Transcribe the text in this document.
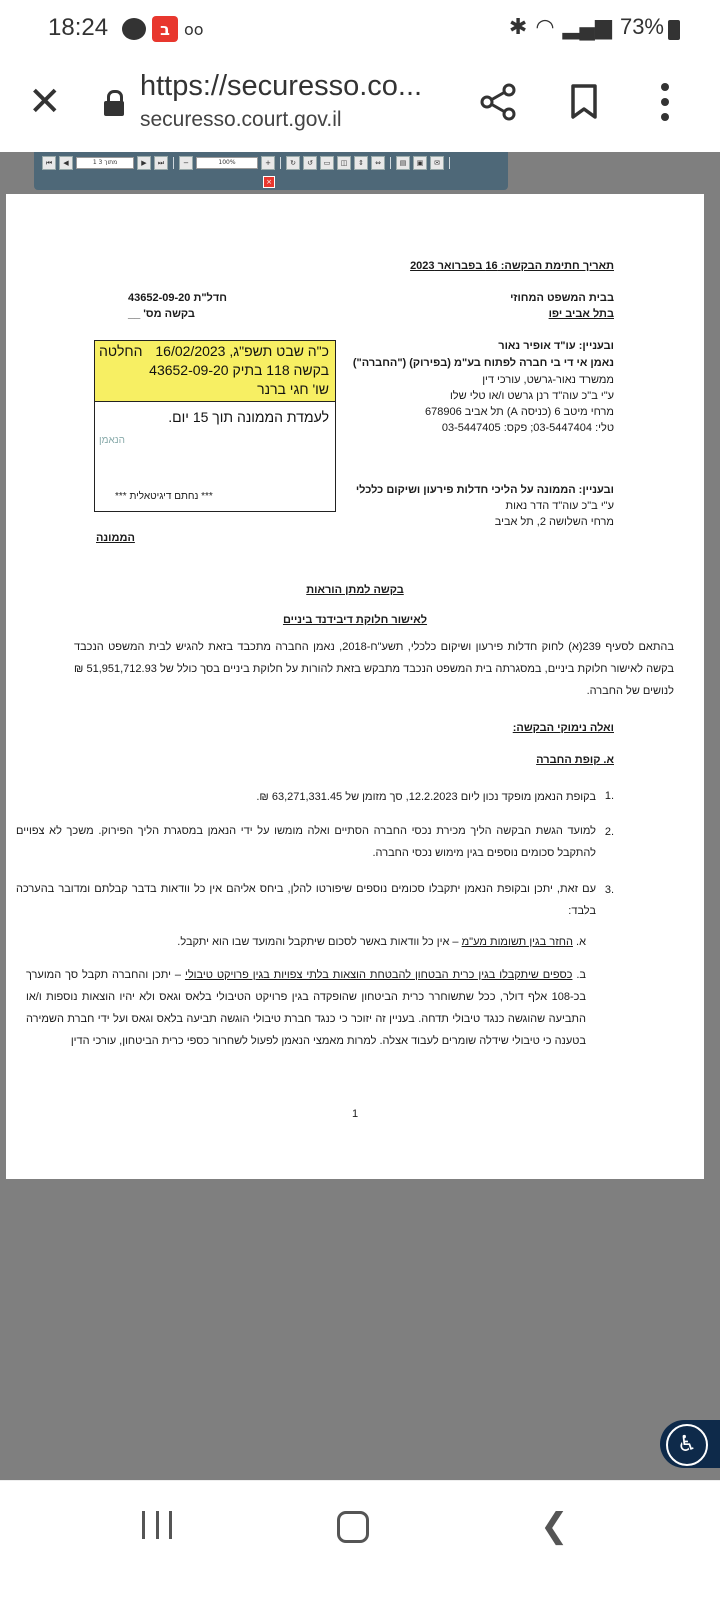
18:24	ב oo	✱ ◠ ▂▄▆ 73%
✕	https://securesso.co...
securesso.court.gov.il
⏮	◀	1 מתוך 3	▶	⏭	−	100%	+	↻	↺	▭	◫	⇕	⇔	▤	▣	✉
×
תאריך חתימת הבקשה: 16 בפברואר 2023
בבית המשפט המחוזי
בתל אביב יפו
חדל"ת 43652-09-20
בקשה מס' __
ובעניין: עו"ד אופיר נאור
נאמן אי די בי חברה לפתוח בע"מ (בפירוק) ("החברה")
ממשרד נאור-גרשט, עורכי דין
ע"י ב"כ עוה"ד רנן גרשט ו/או טלי שלו
מרחי מיטב 6 (כניסה A) תל אביב 678906
טלי: 03-5447404; פקס: 03-5447405
ובעניין: הממונה על הליכי חדלות פירעון ושיקום כלכלי
ע"י ב"כ עוה"ד הדר נאות
מרחי השלושה 2, תל אביב
הממונה
כ"ה שבט תשפ"ג, 16/02/2023
החלטה
בקשה 118 בתיק 43652-09-20
שו' חגי ברנר
לעמדת הממונה תוך 15 יום.
הנאמן
*** נחתם דיגיטאלית ***
בקשה למתן הוראות
לאישור חלוקת דיבידנד ביניים
בהתאם לסעיף 239(א) לחוק חדלות פירעון ושיקום כלכלי, תשע"ח-2018, נאמן החברה מתכבד בזאת להגיש לבית המשפט הנכבד בקשה לאישור חלוקת ביניים, במסגרתה בית המשפט הנכבד מתבקש בזאת להורות על חלוקת ביניים בסך כולל של 51,951,712.93 ₪ לנושים של החברה.
ואלה נימוקי הבקשה:
א. קופת החברה
.1
בקופת הנאמן מופקד נכון ליום 12.2.2023, סך מזומן של 63,271,331.45 ₪.
.2
למועד הגשת הבקשה הליך מכירת נכסי החברה הסתיים ואלה מומשו על ידי הנאמן במסגרת הליך הפירוק. משכך לא צפויים להתקבל סכומים נוספים בגין מימוש נכסי החברה.
.3
עם זאת, יתכן ובקופת הנאמן יתקבלו סכומים נוספים שיפורטו להלן, ביחס אליהם אין כל וודאות בדבר קבלתם ומדובר בהערכה בלבד:
א. החזר בגין תשומות מע"מ – אין כל וודאות באשר לסכום שיתקבל והמועד שבו הוא יתקבל.
ב. כספים שיתקבלו בגין כרית הבטחון להבטחת הוצאות בלתי צפויות בגין פרויקט טיבולי – יתכן והחברה תקבל סך המוערך בכ-108 אלף דולר, ככל שתשוחרר כרית הביטחון שהופקדה בגין פרויקט הטיבולי בלאס וגאס ולא יהיו הוצאות נוספות ו/או התביעה שהוגשה כנגד טיבולי תדחה. בעניין זה יזוכר כי כנגד חברת טיבולי הוגשה תביעה בלאס וגאס ועל ידי חברת השמירה בטענה כי טיבולי שידלה שומרים לעבוד אצלה. למרות מאמצי הנאמן לפעול לשחרור כספי כרית הביטחון, עורכי הדין
1
♿
❮
